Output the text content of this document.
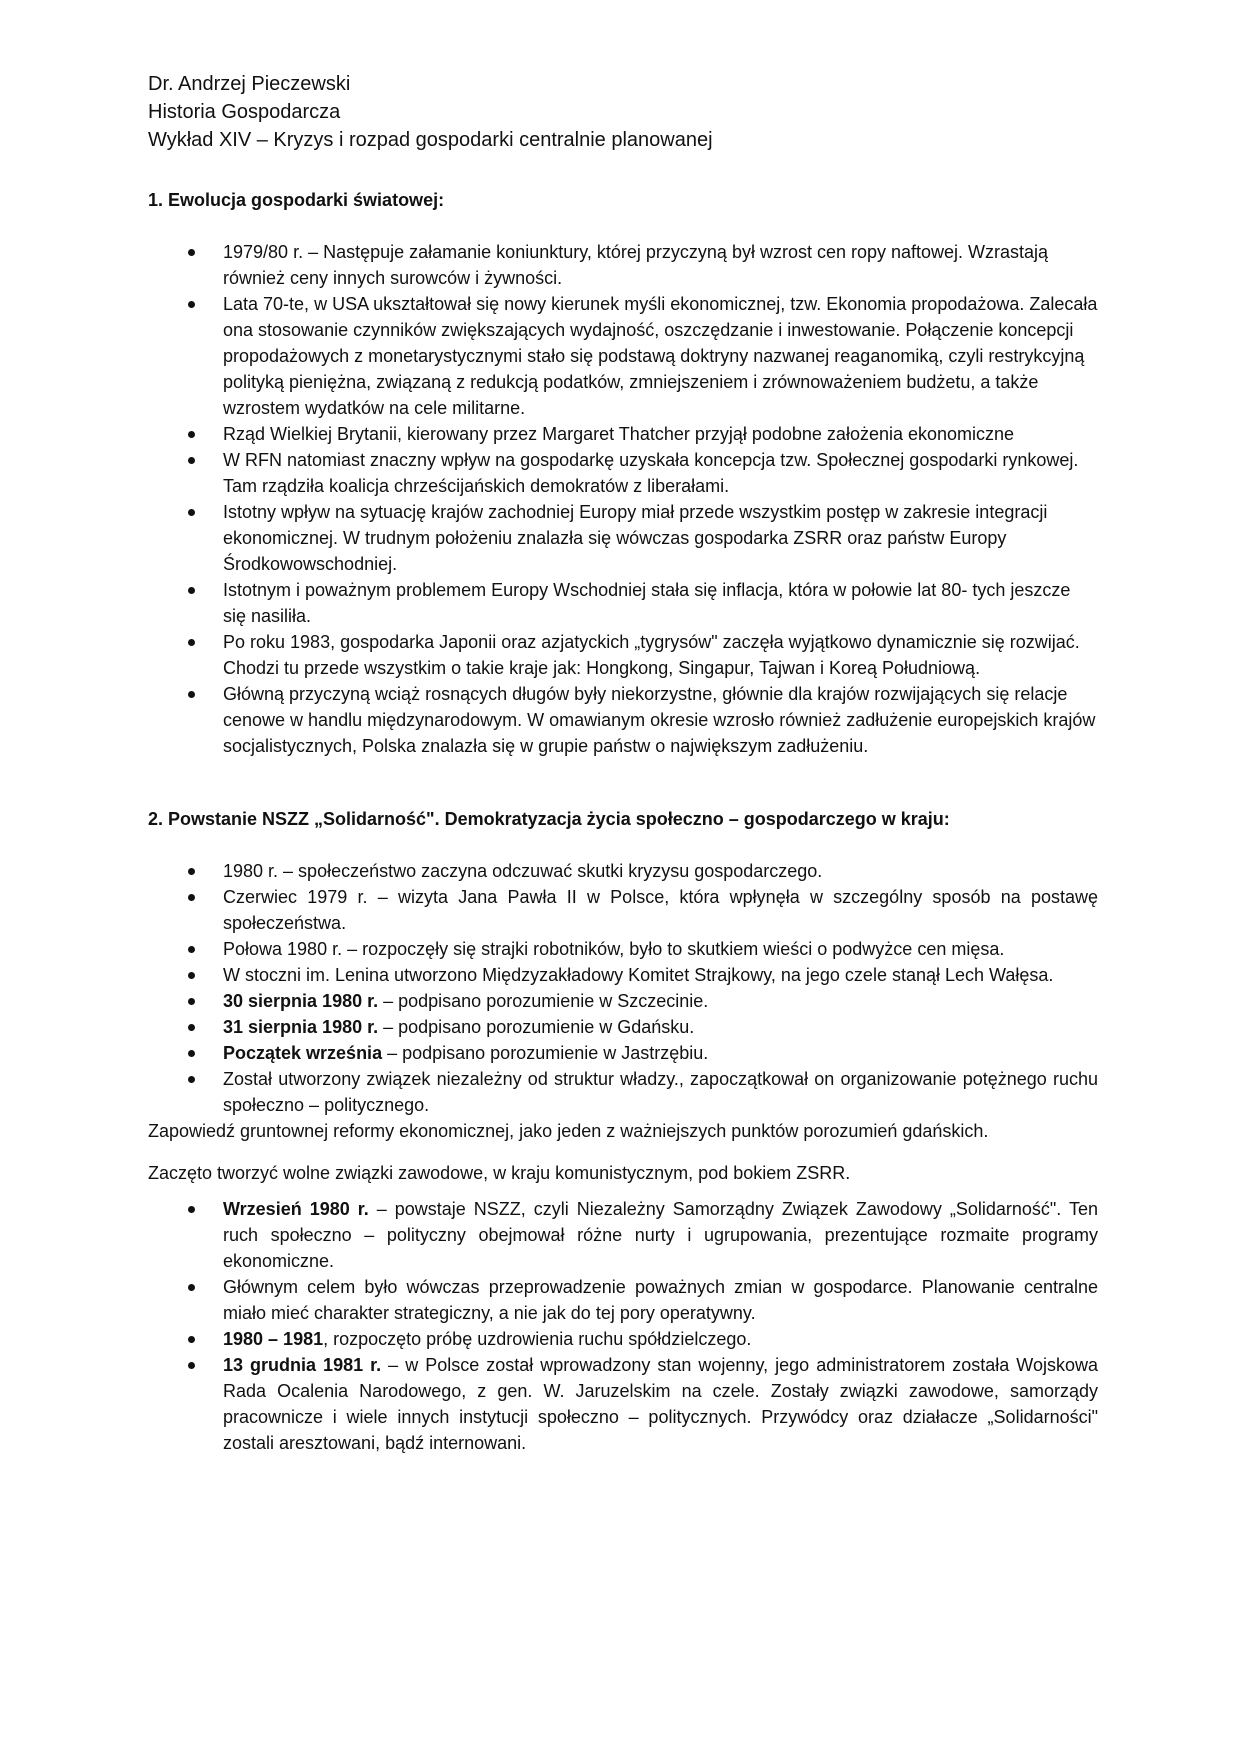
Dr. Andrzej Pieczewski

Historia Gospodarcza

Wykład XIV – Kryzys i rozpad gospodarki centralnie planowanej

1. Ewolucja gospodarki światowej:

1979/80 r. – Następuje załamanie koniunktury, której przyczyną był wzrost cen ropy naftowej. Wzrastają również ceny innych surowców i żywności.
Lata 70-te, w USA ukształtował się nowy kierunek myśli ekonomicznej, tzw. Ekonomia propodażowa. Zalecała ona stosowanie czynników zwiększających wydajność, oszczędzanie i inwestowanie. Połączenie koncepcji propodażowych z monetarystycznymi stało się podstawą doktryny nazwanej reaganomiką, czyli restrykcyjną polityką pieniężna, związaną z redukcją podatków, zmniejszeniem i zrównoważeniem budżetu, a także wzrostem wydatków na cele militarne.
Rząd Wielkiej Brytanii, kierowany przez Margaret Thatcher przyjął podobne założenia ekonomiczne
W RFN natomiast znaczny wpływ na gospodarkę uzyskała koncepcja tzw. Społecznej gospodarki rynkowej. Tam rządziła koalicja chrześcijańskich demokratów z liberałami.
Istotny wpływ na sytuację krajów zachodniej Europy miał przede wszystkim postęp w zakresie integracji ekonomicznej. W trudnym położeniu znalazła się wówczas gospodarka ZSRR oraz państw Europy Środkowowschodniej.
Istotnym i poważnym problemem Europy Wschodniej stała się inflacja, która w połowie lat 80- tych jeszcze się nasiliła.
Po roku 1983, gospodarka Japonii oraz azjatyckich „tygrysów" zaczęła wyjątkowo dynamicznie się rozwijać. Chodzi tu przede wszystkim o takie kraje jak: Hongkong, Singapur, Tajwan i Koreą Południową.
Główną przyczyną wciąż rosnących długów były niekorzystne, głównie dla krajów rozwijających się relacje cenowe w handlu międzynarodowym. W omawianym okresie wzrosło również zadłużenie europejskich krajów socjalistycznych, Polska znalazła się w grupie państw o największym zadłużeniu.

2. Powstanie NSZZ „Solidarność". Demokratyzacja życia społeczno – gospodarczego w kraju:

1980 r. – społeczeństwo zaczyna odczuwać skutki kryzysu gospodarczego.
Czerwiec 1979 r. – wizyta Jana Pawła II w Polsce, która wpłynęła w szczególny sposób na postawę społeczeństwa.
Połowa 1980 r. – rozpoczęły się strajki robotników, było to skutkiem wieści o podwyżce cen mięsa.
W stoczni im. Lenina utworzono Międzyzakładowy Komitet Strajkowy, na jego czele stanął Lech Wałęsa.
30 sierpnia 1980 r. – podpisano porozumienie w Szczecinie.
31 sierpnia 1980 r. – podpisano porozumienie w Gdańsku.
Początek września – podpisano porozumienie w Jastrzębiu.
Został utworzony związek niezależny od struktur władzy., zapoczątkował on organizowanie potężnego ruchu społeczno – politycznego.

Zapowiedź gruntownej reformy ekonomicznej, jako jeden z ważniejszych punktów porozumień gdańskich.

Zaczęto tworzyć wolne związki zawodowe, w kraju komunistycznym, pod bokiem ZSRR.

Wrzesień 1980 r. – powstaje NSZZ, czyli Niezależny Samorządny Związek Zawodowy „Solidarność". Ten ruch społeczno – polityczny obejmował różne nurty i ugrupowania, prezentujące rozmaite programy ekonomiczne.
Głównym celem było wówczas przeprowadzenie poważnych zmian w gospodarce. Planowanie centralne miało mieć charakter strategiczny, a nie jak do tej pory operatywny.
1980 – 1981, rozpoczęto próbę uzdrowienia ruchu spółdzielczego.
13 grudnia 1981 r. – w Polsce został wprowadzony stan wojenny, jego administratorem została Wojskowa Rada Ocalenia Narodowego, z gen. W. Jaruzelskim na czele. Zostały związki zawodowe, samorządy pracownicze i wiele innych instytucji społeczno – politycznych. Przywódcy oraz działacze „Solidarności" zostali aresztowani, bądź internowani.
